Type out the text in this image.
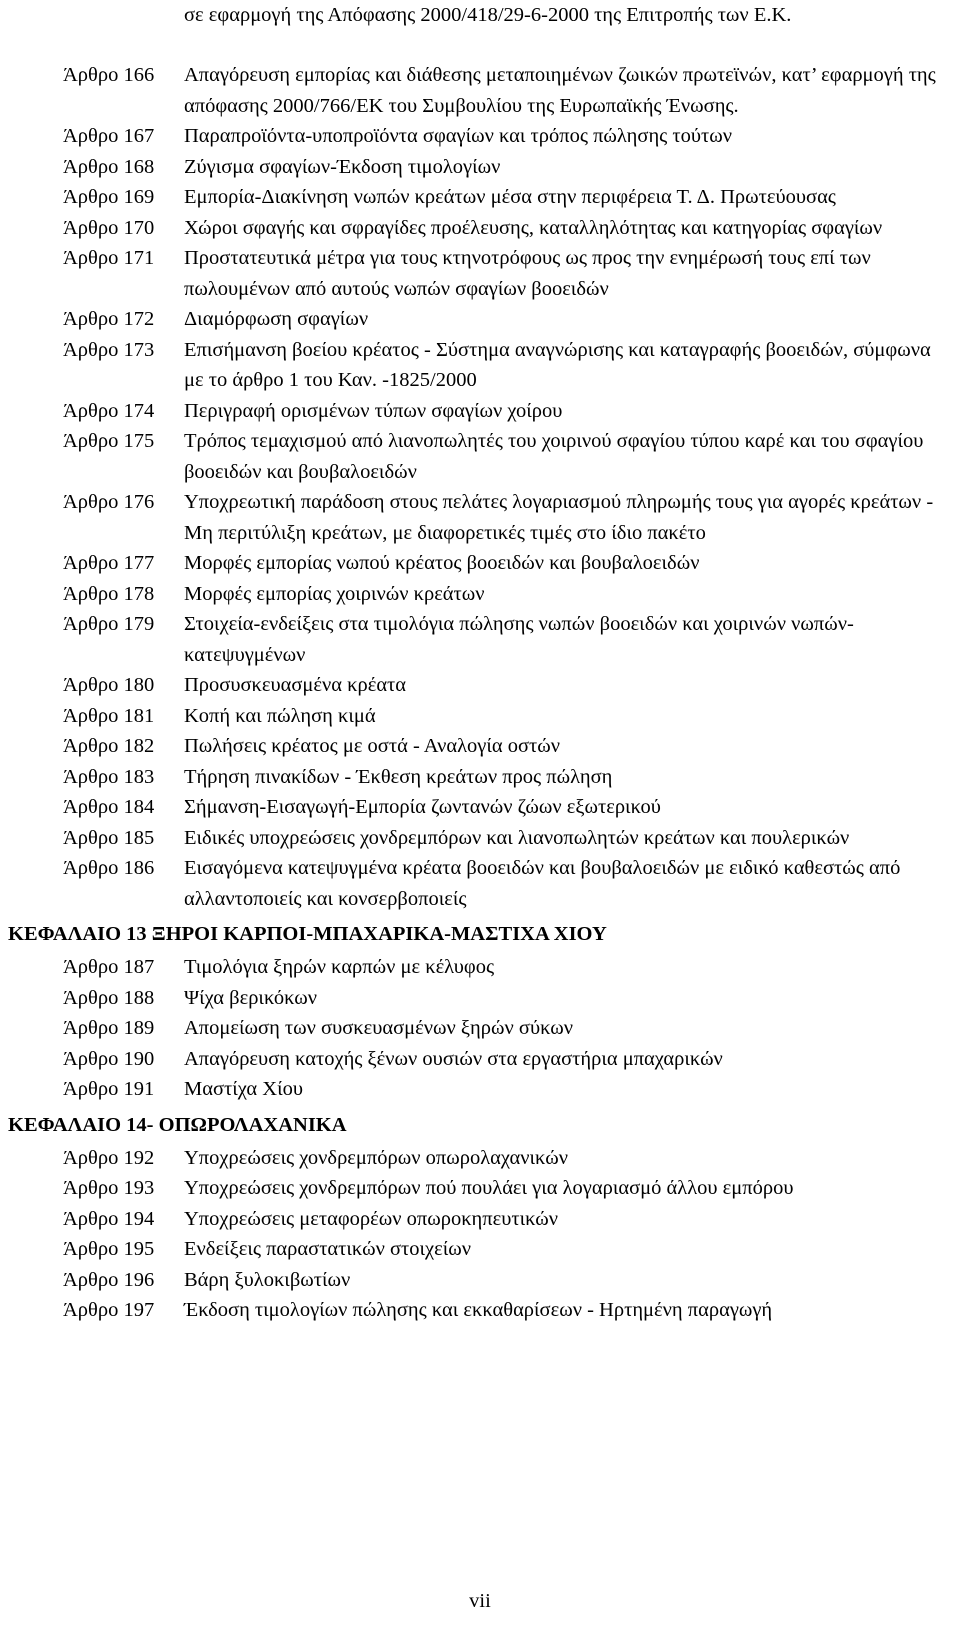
σε εφαρμογή της Απόφασης 2000/418/29-6-2000 της Επιτροπής των Ε.Κ.
Άρθρο 166 Απαγόρευση εμπορίας και διάθεσης μεταποιημένων ζωικών πρωτεϊνών, κατ’ εφαρμογή της απόφασης 2000/766/ΕΚ του Συμβουλίου της Ευρωπαϊκής Ένωσης.
Άρθρο 167 Παραπροϊόντα-υποπροϊόντα σφαγίων και τρόπος πώλησης τούτων
Άρθρο 168 Ζύγισμα σφαγίων-Έκδοση τιμολογίων
Άρθρο 169 Εμπορία-Διακίνηση νωπών κρεάτων μέσα στην περιφέρεια Τ. Δ. Πρωτεύουσας
Άρθρο 170 Χώροι σφαγής και σφραγίδες προέλευσης, καταλληλότητας και κατηγορίας σφαγίων
Άρθρο 171 Προστατευτικά μέτρα για τους κτηνοτρόφους ως προς την ενημέρωσή τους επί των πωλουμένων από αυτούς νωπών σφαγίων βοοειδών
Άρθρο 172 Διαμόρφωση σφαγίων
Άρθρο 173 Επισήμανση βοείου κρέατος - Σύστημα αναγνώρισης και καταγραφής βοοειδών, σύμφωνα με το άρθρο 1 του Καν. -1825/2000
Άρθρο 174 Περιγραφή ορισμένων τύπων σφαγίων χοίρου
Άρθρο 175 Τρόπος τεμαχισμού από λιανοπωλητές του χοιρινού σφαγίου τύπου καρέ και του σφαγίου βοοειδών και βουβαλοειδών
Άρθρο 176 Υποχρεωτική παράδοση στους πελάτες λογαριασμού πληρωμής τους για αγορές κρεάτων - Μη περιτύλιξη κρεάτων, με διαφορετικές τιμές στο ίδιο πακέτο
Άρθρο 177 Μορφές εμπορίας νωπού κρέατος βοοειδών και βουβαλοειδών
Άρθρο 178 Μορφές εμπορίας χοιρινών κρεάτων
Άρθρο 179 Στοιχεία-ενδείξεις στα τιμολόγια πώλησης νωπών βοοειδών και χοιρινών νωπών-κατεψυγμένων
Άρθρο 180 Προσυσκευασμένα κρέατα
Άρθρο 181 Κοπή και πώληση κιμά
Άρθρο 182 Πωλήσεις κρέατος με οστά - Αναλογία οστών
Άρθρο 183 Τήρηση πινακίδων - Έκθεση κρεάτων προς πώληση
Άρθρο 184 Σήμανση-Εισαγωγή-Εμπορία ζωντανών ζώων εξωτερικού
Άρθρο 185 Ειδικές υποχρεώσεις χονδρεμπόρων και λιανοπωλητών κρεάτων και πουλερικών
Άρθρο 186 Εισαγόμενα κατεψυγμένα κρέατα βοοειδών και βουβαλοειδών με ειδικό καθεστώς από αλλαντοποιείς και κονσερβοποιείς
ΚΕΦΑΛΑΙΟ 13 ΞΗΡΟΙ ΚΑΡΠΟΙ-ΜΠΑΧΑΡΙΚΑ-ΜΑΣΤΙΧΑ ΧΙΟΥ
Άρθρο 187 Τιμολόγια ξηρών καρπών με κέλυφος
Άρθρο 188 Ψίχα βερικόκων
Άρθρο 189 Απομείωση των συσκευασμένων ξηρών σύκων
Άρθρο 190 Απαγόρευση κατοχής ξένων ουσιών στα εργαστήρια μπαχαρικών
Άρθρο 191 Μαστίχα Χίου
ΚΕΦΑΛΑΙΟ 14- ΟΠΩΡΟΛΑΧΑΝΙΚΑ
Άρθρο 192 Υποχρεώσεις χονδρεμπόρων οπωρολαχανικών
Άρθρο 193 Υποχρεώσεις χονδρεμπόρων πού πουλάει για λογαριασμό άλλου εμπόρου
Άρθρο 194 Υποχρεώσεις μεταφορέων οπωροκηπευτικών
Άρθρο 195 Ενδείξεις παραστατικών στοιχείων
Άρθρο 196 Βάρη ξυλοκιβωτίων
Άρθρο 197 Έκδοση τιμολογίων πώλησης και εκκαθαρίσεων - Ηρτημένη παραγωγή
vii
